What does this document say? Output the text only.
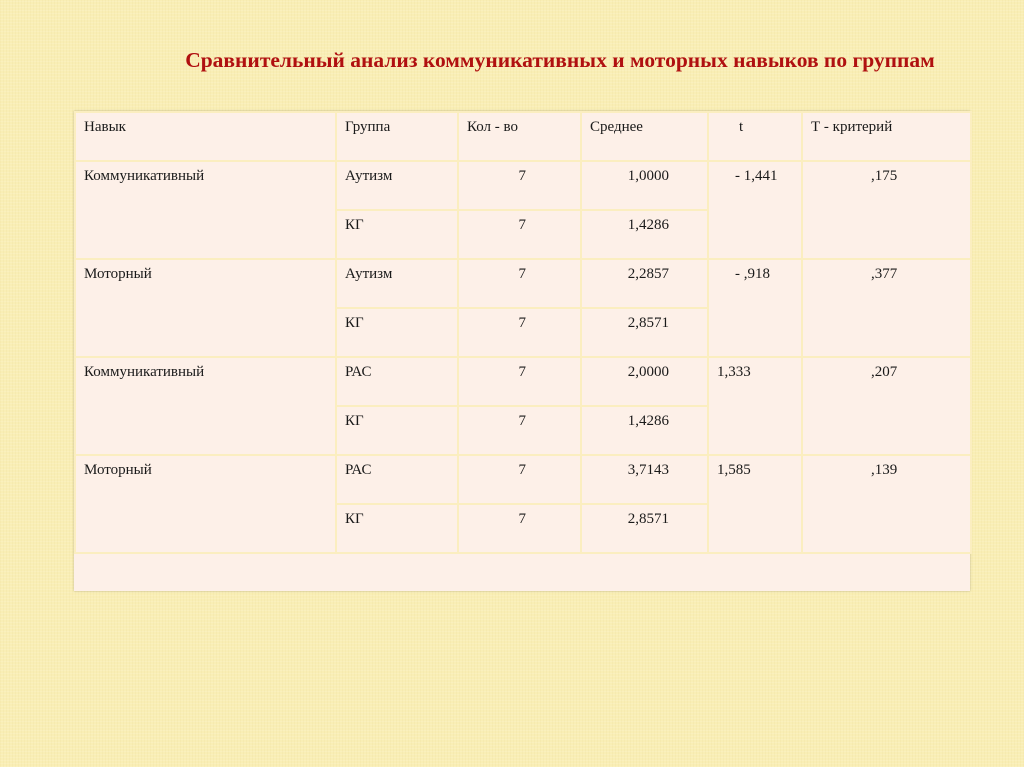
Сравнительный анализ коммуникативных и моторных навыков по группам
Навык	Группа	Кол - во	Среднее	t	Т - критерий
Коммуникативный	Аутизм	7	1,0000	- 1,441	,175
	КГ	7	1,4286		
Моторный	Аутизм	7	2,2857	- ,918	,377
	КГ	7	2,8571		
Коммуникативный	РАС	7	2,0000	1,333	,207
	КГ	7	1,4286		
Моторный	РАС	7	3,7143	1,585	,139
	КГ	7	2,8571		
